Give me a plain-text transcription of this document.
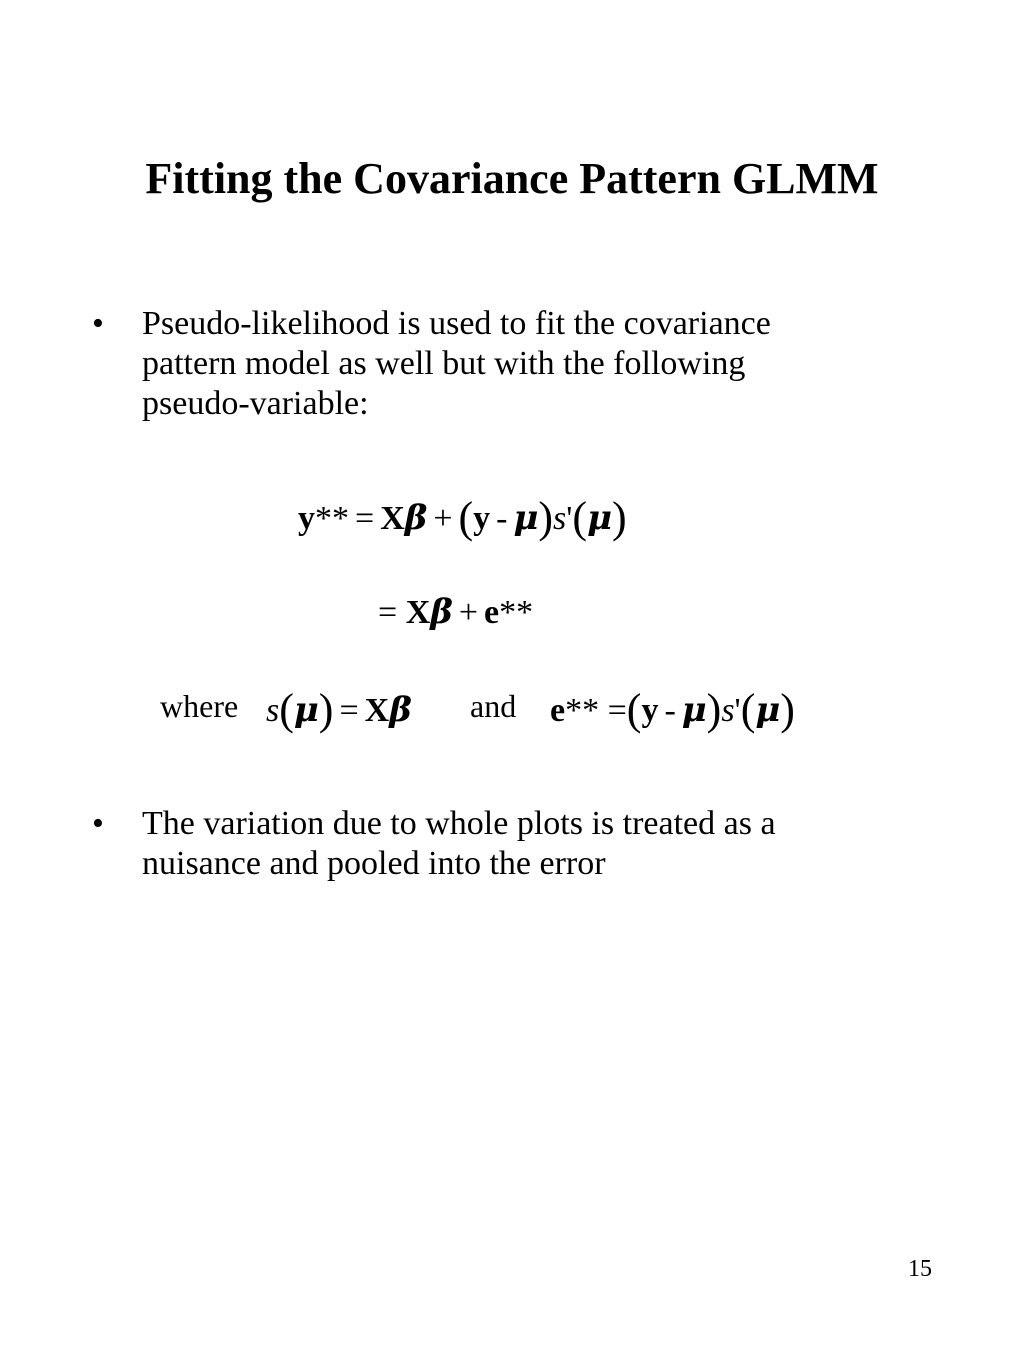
Fitting the Covariance Pattern GLMM
• Pseudo-likelihood is used to fit the covariance
pattern model as well but with the following
pseudo-variable:
y** = Xβ + (y - μ)s'(μ)
= Xβ + e**
where s(μ) = Xβ and e** =(y - μ)s'(μ)
• The variation due to whole plots is treated as a
nuisance and pooled into the error
15
